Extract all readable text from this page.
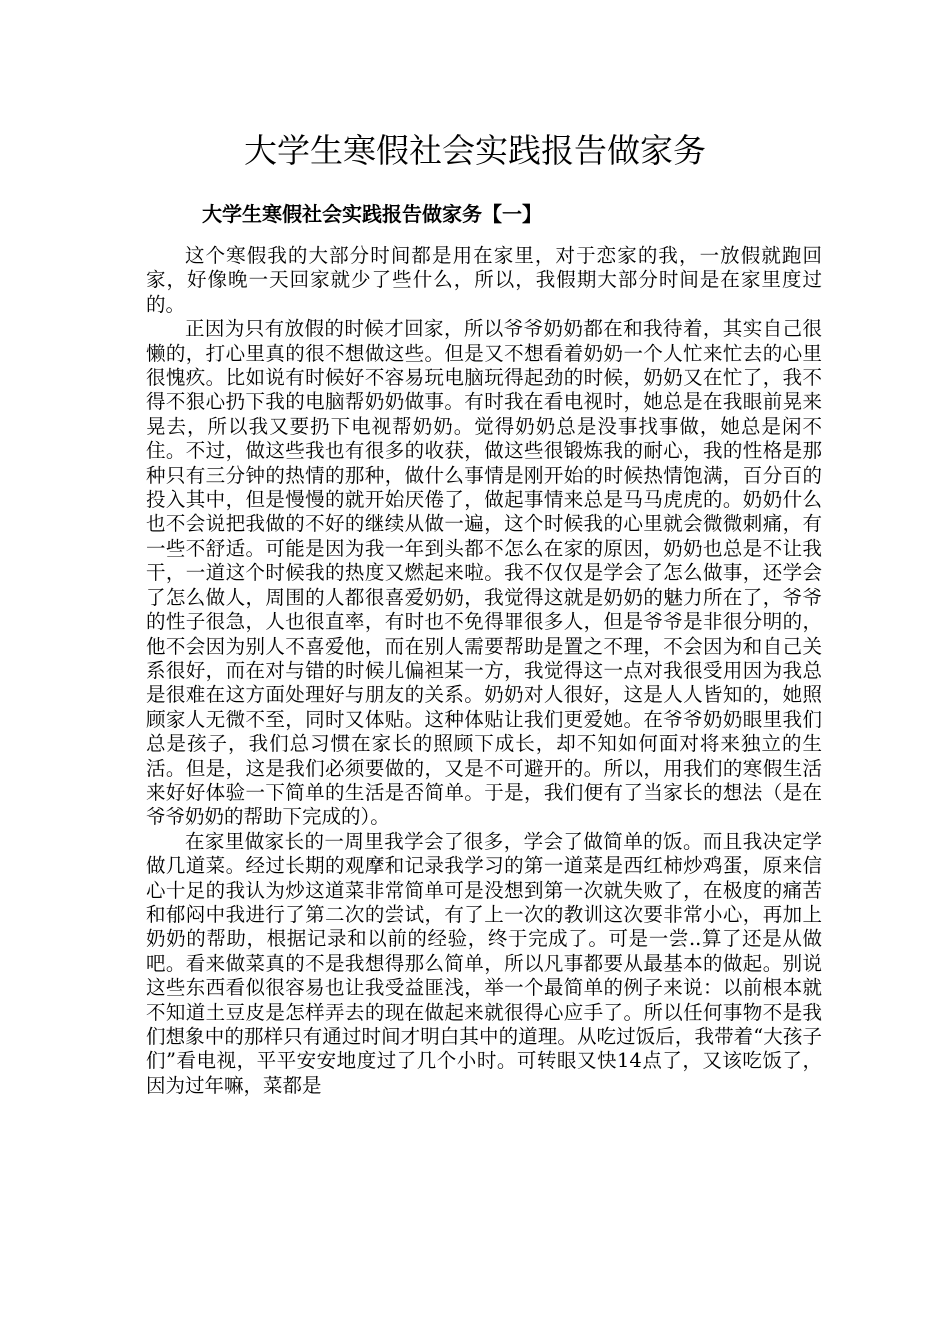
大学生寒假社会实践报告做家务
大学生寒假社会实践报告做家务【一】

这个寒假我的大部分时间都是用在家里，对于恋家的我，一放假就跑回家，好像晚一天回家就少了些什么，所以，我假期大部分时间是在家里度过的。

正因为只有放假的时候才回家，所以爷爷奶奶都在和我待着，其实自己很懒的，打心里真的很不想做这些。但是又不想看着奶奶一个人忙来忙去的心里很愧疚。比如说有时候好不容易玩电脑玩得起劲的时候，奶奶又在忙了，我不得不狠心扔下我的电脑帮奶奶做事。有时我在看电视时，她总是在我眼前晃来晃去，所以我又要扔下电视帮奶奶。觉得奶奶总是没事找事做，她总是闲不住。不过，做这些我也有很多的收获，做这些很锻炼我的耐心，我的性格是那种只有三分钟的热情的那种，做什么事情是刚开始的时候热情饱满，百分百的投入其中，但是慢慢的就开始厌倦了，做起事情来总是马马虎虎的。奶奶什么也不会说把我做的不好的继续从做一遍，这个时候我的心里就会微微刺痛，有一些不舒适。可能是因为我一年到头都不怎么在家的原因，奶奶也总是不让我干，一道这个时候我的热度又燃起来啦。我不仅仅是学会了怎么做事，还学会了怎么做人，周围的人都很喜爱奶奶，我觉得这就是奶奶的魅力所在了，爷爷的性子很急，人也很直率，有时也不免得罪很多人，但是爷爷是非很分明的，他不会因为别人不喜爱他，而在别人需要帮助是置之不理，不会因为和自己关系很好，而在对与错的时候儿偏袒某一方，我觉得这一点对我很受用因为我总是很难在这方面处理好与朋友的关系。奶奶对人很好，这是人人皆知的，她照顾家人无微不至，同时又体贴。这种体贴让我们更爱她。在爷爷奶奶眼里我们总是孩子，我们总习惯在家长的照顾下成长，却不知如何面对将来独立的生活。但是，这是我们必须要做的，又是不可避开的。所以，用我们的寒假生活来好好体验一下简单的生活是否简单。于是，我们便有了当家长的想法（是在爷爷奶奶的帮助下完成的）。

在家里做家长的一周里我学会了很多，学会了做简单的饭。而且我决定学做几道菜。经过长期的观摩和记录我学习的第一道菜是西红柿炒鸡蛋，原来信心十足的我认为炒这道菜非常简单可是没想到第一次就失败了，在极度的痛苦和郁闷中我进行了第二次的尝试，有了上一次的教训这次要非常小心，再加上奶奶的帮助，根据记录和以前的经验，终于完成了。可是一尝..算了还是从做吧。看来做菜真的不是我想得那么简单，所以凡事都要从最基本的做起。别说这些东西看似很容易也让我受益匪浅，举一个最简单的例子来说：以前根本就不知道土豆皮是怎样弄去的现在做起来就很得心应手了。所以任何事物不是我们想象中的那样只有通过时间才明白其中的道理。从吃过饭后，我带着“大孩子们”看电视，平平安安地度过了几个小时。可转眼又快14点了，又该吃饭了，因为过年嘛，菜都是
